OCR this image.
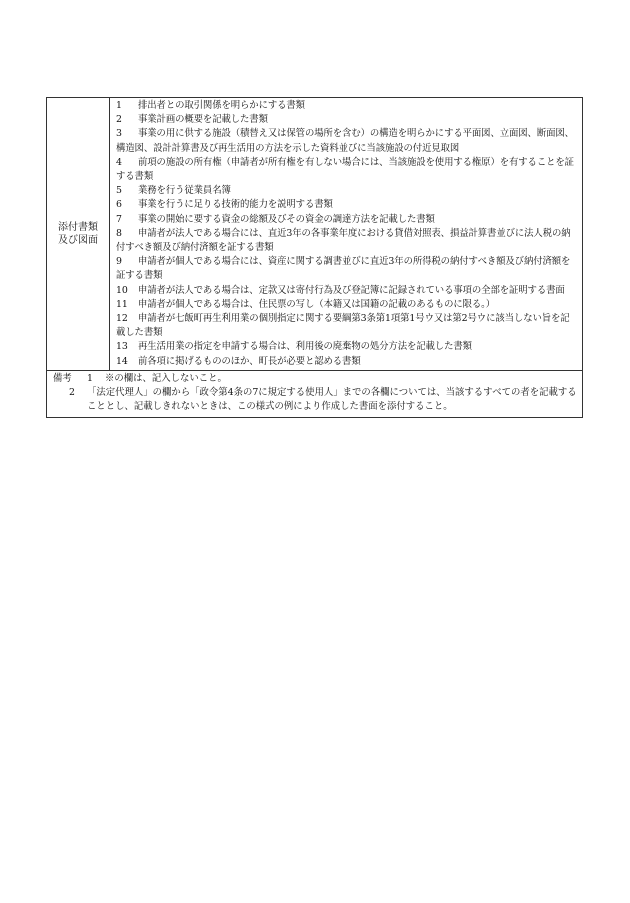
添付書類
及び図面

1 排出者との取引関係を明らかにする書類
2 事業計画の概要を記載した書類
3 事業の用に供する施設（積替え又は保管の場所を含む）の構造を明らかにする平面図、立面図、断面図、構造図、設計計算書及び再生活用の方法を示した資料並びに当該施設の付近見取図
4 前項の施設の所有権（申請者が所有権を有しない場合には、当該施設を使用する権原）を有することを証する書類
5 業務を行う従業員名簿
6 事業を行うに足りる技術的能力を説明する書類
7 事業の開始に要する資金の総額及びその資金の調達方法を記載した書類
8 申請者が法人である場合には、直近3年の各事業年度における貸借対照表、損益計算書並びに法人税の納付すべき額及び納付済額を証する書類
9 申請者が個人である場合には、資産に関する調書並びに直近3年の所得税の納付すべき額及び納付済額を証する書類
10 申請者が法人である場合は、定款又は寄付行為及び登記簿に記録されている事項の全部を証明する書面
11 申請者が個人である場合は、住民票の写し（本籍又は国籍の記載のあるものに限る。）
12 申請者が七飯町再生利用業の個別指定に関する要綱第3条第1項第1号ウ又は第2号ウに該当しない旨を記載した書類
13 再生活用業の指定を申請する場合は、利用後の廃棄物の処分方法を記載した書類
14 前各項に掲げるもののほか、町長が必要と認める書類

備考 1 ※の欄は、記入しないこと。
2 「法定代理人」の欄から「政令第4条の7に規定する使用人」までの各欄については、当該するすべての者を記載することとし、記載しきれないときは、この様式の例により作成した書面を添付すること。
